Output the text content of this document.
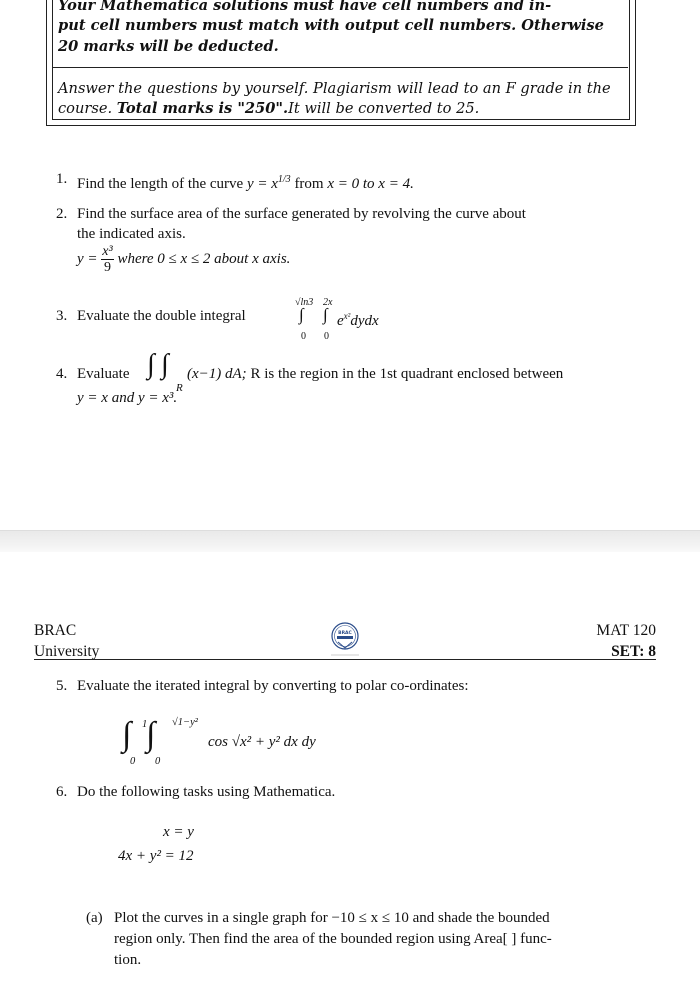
Your Mathematica solutions must have cell numbers and in-
put cell numbers must match with output cell numbers. Otherwise
20 marks will be deducted.
Answer the questions by yourself. Plagiarism will lead to an F grade in the
course. Total marks is "250".It will be converted to 25.
1. Find the length of the curve $y = x^{1/3}$ from x = 0 to x = 4.
2. Find the surface area of the surface generated by revolving the curve about
the indicated axis.
$y = \frac{\text{x³}}{9}$ where 0 ≤ x ≤ 2 about x axis.
3. Evaluate the double integral
√ln3 2x
∫ ∫
0 0
$e^{x^2}dydx$
4. Evaluate ∫ ∫
R
(x−1) dA; R is the region in the 1st quadrant enclosed between
y = x and y = x³.
BRAC
University
MAT 120
SET: 8
BRAC
5. Evaluate the iterated integral by converting to polar co-ordinates:
1
∫
0
√1−y²
∫
0
cos √x² + y² dx dy
6. Do the following tasks using Mathematica.
x = y
4x + y² = 12
(a) Plot the curves in a single graph for −10 ≤ x ≤ 10 and shade the bounded
region only. Then find the area of the bounded region using Area[ ] func-
tion.
